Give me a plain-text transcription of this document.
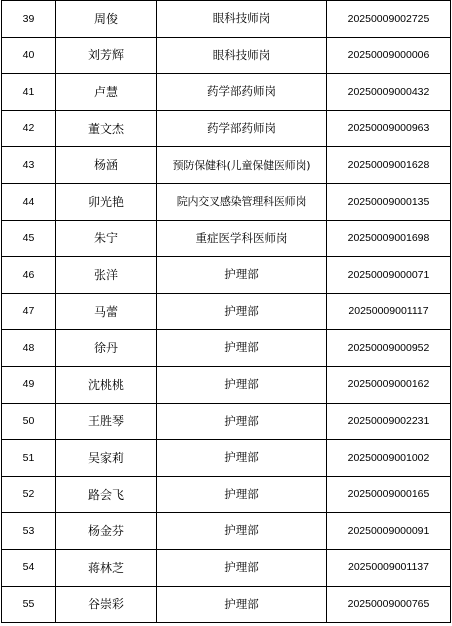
39	周俊	眼科技师岗	20250009002725
40	刘芳辉	眼科技师岗	20250009000006
41	卢慧	药学部药师岗	20250009000432
42	董文杰	药学部药师岗	20250009000963
43	杨涵	预防保健科(儿童保健医师岗)	20250009001628
44	卯光艳	院内交叉感染管理科医师岗	20250009000135
45	朱宁	重症医学科医师岗	20250009001698
46	张洋	护理部	20250009000071
47	马蕾	护理部	20250009001117
48	徐丹	护理部	20250009000952
49	沈桃桃	护理部	20250009000162
50	王胜琴	护理部	20250009002231
51	吴家莉	护理部	20250009001002
52	路会飞	护理部	20250009000165
53	杨金芬	护理部	20250009000091
54	蒋林芝	护理部	20250009001137
55	谷崇彩	护理部	20250009000765
